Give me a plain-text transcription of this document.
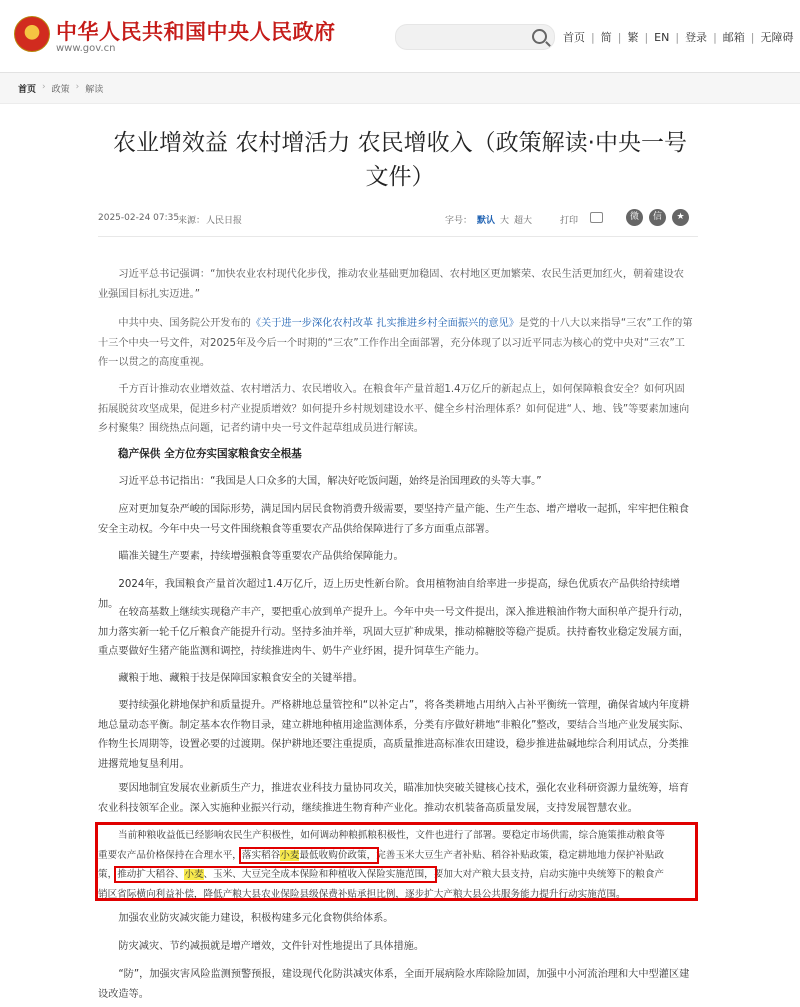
中华人民共和国中央人民政府
www.gov.cn
首页 | 简 | 繁 | EN | 登录 | 邮箱 | 无障碍
首页 › 政策 › 解读
农业增效益 农村增活力 农民增收入（政策解读·中央一号
文件）
2025-02-24 07:35
来源： 人民日报	字号： 默认 大 超大	打印	微	信	★

习近平总书记强调：“加快农业农村现代化步伐，推动农业基础更加稳固、农村地区更加繁荣、农民生活更加红火，朝着建设农业强国目标扎实迈进。”

中共中央、国务院公开发布的《关于进一步深化农村改革 扎实推进乡村全面振兴的意见》是党的十八大以来指导“三农”工作的第十三个中央一号文件，对2025年及今后一个时期的“三农”工作作出全面部署，充分体现了以习近平同志为核心的党中央对“三农”工作一以贯之的高度重视。

千方百计推动农业增效益、农村增活力、农民增收入。在粮食年产量首超1.4万亿斤的新起点上，如何保障粮食安全？如何巩固拓展脱贫攻坚成果，促进乡村产业提质增效？如何提升乡村规划建设水平、健全乡村治理体系？如何促进“人、地、钱”等要素加速向乡村聚集？围绕热点问题，记者约请中央一号文件起草组成员进行解读。

稳产保供 全方位夯实国家粮食安全根基

习近平总书记指出：“我国是人口众多的大国，解决好吃饭问题，始终是治国理政的头等大事。”

应对更加复杂严峻的国际形势，满足国内居民食物消费升级需要，要坚持产量产能、生产生态、增产增收一起抓，牢牢把住粮食安全主动权。今年中央一号文件围绕粮食等重要农产品供给保障进行了多方面重点部署。

瞄准关键生产要素，持续增强粮食等重要农产品供给保障能力。

2024年，我国粮食产量首次超过1.4万亿斤，迈上历史性新台阶。食用植物油自给率进一步提高，绿色优质农产品供给持续增加。

在较高基数上继续实现稳产丰产，要把重心放到单产提升上。今年中央一号文件提出，深入推进粮油作物大面积单产提升行动，加力落实新一轮千亿斤粮食产能提升行动。坚持多油并举，巩固大豆扩种成果，推动棉糖胶等稳产提质。扶持畜牧业稳定发展方面，重点要做好生猪产能监测和调控，持续推进肉牛、奶牛产业纾困，提升饲草生产能力。

藏粮于地、藏粮于技是保障国家粮食安全的关键举措。

要持续强化耕地保护和质量提升。严格耕地总量管控和“以补定占”，将各类耕地占用纳入占补平衡统一管理，确保省域内年度耕地总量动态平衡。制定基本农作物目录，建立耕地种植用途监测体系，分类有序做好耕地“非粮化”整改，要结合当地产业发展实际、作物生长周期等，设置必要的过渡期。保护耕地还要注重提质，高质量推进高标准农田建设，稳步推进盐碱地综合利用试点，分类推进撂荒地复垦利用。

要因地制宜发展农业新质生产力，推进农业科技力量协同攻关，瞄准加快突破关键核心技术，强化农业科研资源力量统筹，培育农业科技领军企业。深入实施种业振兴行动，继续推进生物育种产业化。推动农机装备高质量发展，支持发展智慧农业。

当前种粮收益低已经影响农民生产积极性，如何调动种粮抓粮积极性，文件也进行了部署。要稳定市场供需，综合施策推动粮食等
重要农产品价格保持在合理水平，落实稻谷小麦最低收购价政策，完善玉米大豆生产者补贴、稻谷补贴政策，稳定耕地地力保护补贴政
策，推动扩大稻谷、小麦、玉米、大豆完全成本保险和种植收入保险实施范围，要加大对产粮大县支持，启动实施中央统筹下的粮食产
销区省际横向利益补偿，降低产粮大县农业保险县级保费补贴承担比例，逐步扩大产粮大县公共服务能力提升行动实施范围。

加强农业防灾减灾能力建设，积极构建多元化食物供给体系。

防灾减灾、节约减损就是增产增效，文件针对性地提出了具体措施。

“防”，加强灾害风险监测预警预报，建设现代化防洪减灾体系，全面开展病险水库除险加固，加强中小河流治理和大中型灌区建设改造等。
